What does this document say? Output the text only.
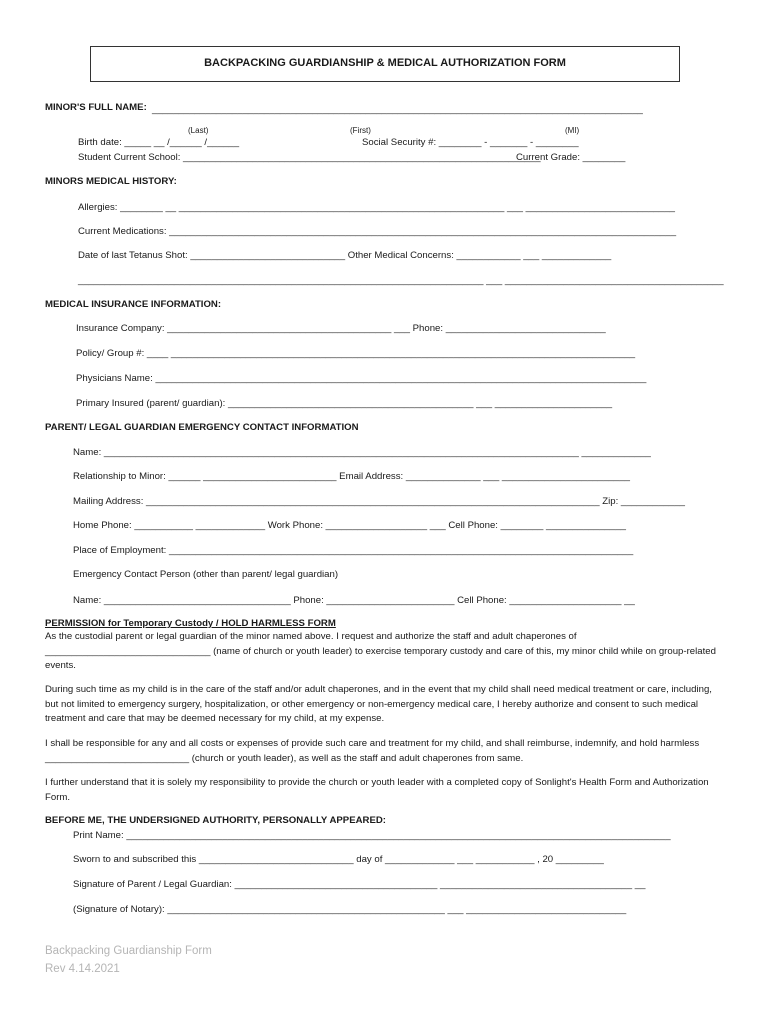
BACKPACKING GUARDIANSHIP & MEDICAL AUTHORIZATION FORM
MINOR'S FULL NAME: ____________________________________________________________________________________________
(Last)	(First)	(MI)
Birth date: _____ __ /______ /______	Social Security #: ________ - _______ - ________
Student Current School: ___________________________________________________________________
Current Grade: ________
MINORS MEDICAL HISTORY:
Allergies: ________ __ _____________________________________________________________ ___ ____________________________
Current Medications: _______________________________________________________________________________________________
Date of last Tetanus Shot: _____________________________ Other Medical Concerns: ____________ ___ _____________
____________________________________________________________________________ ___ _________________________________________
MEDICAL INSURANCE INFORMATION:
Insurance Company: __________________________________________ ___ Phone: ______________________________
Policy/ Group #: ____ _______________________________________________________________________________________
Physicians Name: ____________________________________________________________________________________________
Primary Insured (parent/ guardian): ______________________________________________ ___ ______________________
PARENT/ LEGAL GUARDIAN EMERGENCY CONTACT INFORMATION
Name: _________________________________________________________________________________________ _____________
Relationship to Minor: ______ _________________________ Email Address: ______________ ___ ________________________
Mailing Address: _____________________________________________________________________________________ Zip: ____________
Home Phone: ___________ _____________ Work Phone: ___________________ ___ Cell Phone: ________ _______________
Place of Employment: _______________________________________________________________________________________
Emergency Contact Person (other than parent/ legal guardian)
Name: ___________________________________ Phone: ________________________ Cell Phone: _____________________ __
PERMISSION for Temporary Custody / HOLD HARMLESS FORM
As the custodial parent or legal guardian of the minor named above. I request and authorize the staff and adult chaperones of _______________________________ (name of church or youth leader) to exercise temporary custody and care of this, my minor child while on group-related events.
During such time as my child is in the care of the staff and/or adult chaperones, and in the event that my child shall need medical treatment or care, including, but not limited to emergency surgery, hospitalization, or other emergency or non-emergency medical care, I hereby authorize and consent to such medical treatment and care that may be deemed necessary for my child, at my expense.
I shall be responsible for any and all costs or expenses of provide such care and treatment for my child, and shall reimburse, indemnify, and hold harmless ___________________________ (church or youth leader), as well as the staff and adult chaperones from same.
I further understand that it is solely my responsibility to provide the church or youth leader with a completed copy of Sonlight's Health Form and Authorization Form.
BEFORE ME, THE UNDERSIGNED AUTHORITY, PERSONALLY APPEARED:
Print Name: ______________________________________________________________________________________________________
Sworn to and subscribed this _____________________________ day of _____________ ___ ___________ , 20 _________
Signature of Parent / Legal Guardian: ______________________________________ ____________________________________ __
(Signature of Notary): ____________________________________________________ ___ ______________________________
Backpacking Guardianship Form
Rev 4.14.2021
